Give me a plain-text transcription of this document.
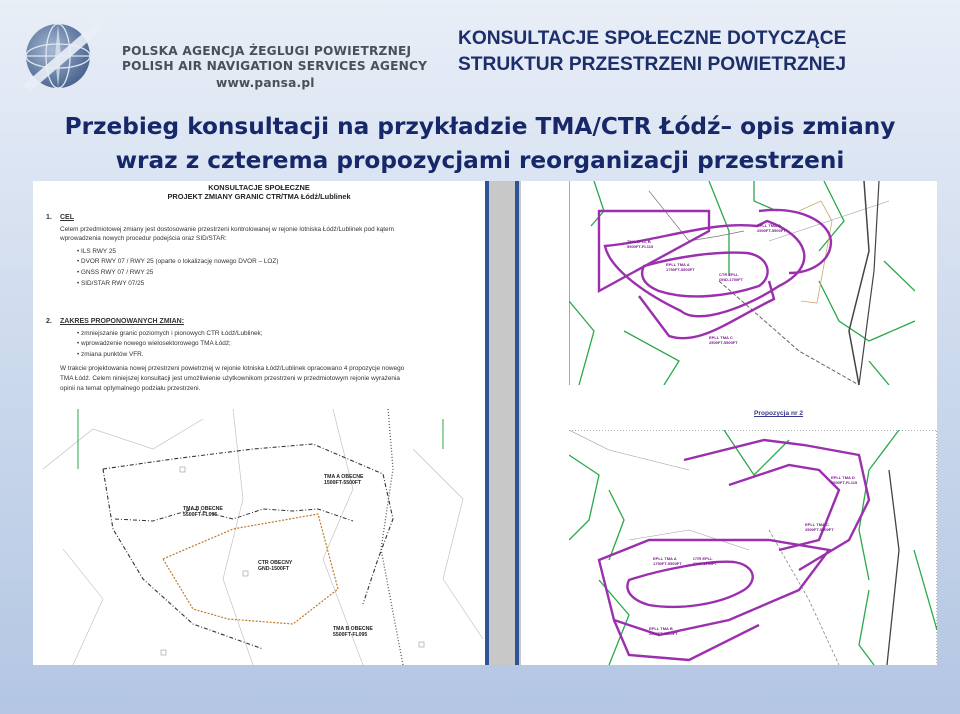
POLSKA AGENCJA ŻEGLUGI POWIETRZNEJ
POLISH AIR NAVIGATION SERVICES AGENCY
www.pansa.pl
KONSULTACJE SPOŁECZNE DOTYCZĄCE
STRUKTUR PRZESTRZENI POWIETRZNEJ
Przebieg konsultacji na przykładzie TMA/CTR Łódź– opis zmiany
wraz z czterema propozycjami reorganizacji przestrzeni
KONSULTACJE SPOŁECZNE
PROJEKT ZMIANY GRANIC CTR/TMA Łódź/Lublinek
1. CEL
Celem przedmiotowej zmiany jest dostosowanie przestrzeni kontrolowanej w rejonie lotniska Łódź/Lublinek pod kątem
wprowadzenia nowych procedur podejścia oraz SID/STAR:
• ILS RWY 25
• DVOR RWY 07 / RWY 25 (oparte o lokalizację nowego DVOR – LOZ)
• GNSS RWY 07 / RWY 25
• SID/STAR RWY 07/25
2. ZAKRES PROPONOWANYCH ZMIAN:
• zmniejszanie granic poziomych i pionowych CTR Łódź/Lublinek;
• wprowadzenie nowego wielosektorowego TMA Łódź;
• zmiana punktów VFR.
W trakcie projektowania nowej przestrzeni powietrznej w rejonie lotniska Łódź/Lublinek opracowano 4 propozycje nowego
TMA Łódź. Celem niniejszej konsultacji jest umożliwienie użytkownikom przestrzeni w przedmiotowym rejonie wyrażenia
opinii na temat optymalnego podziału przestrzeni.
TMA A OBECNE
1500FT-5500FT
TMA B OBECNE
5500FT-FL095
CTR OBECNY
GND-1500FT
TMA B OBECNE
5500FT-FL095
TMA EPLL B
5500FT-FL115
EPLL TMA A
1750FT-5500FT
CTR EPLL
GND-1750FT
EPLL TMA C
2500FT-5500FT
EPLL TMA D
2500FT-5500FT
Propozycja nr 2
EPLL TMA D
5500FT-FL115
EPLL TMA C
2500FT-5500FT
EPLL TMA A
1750FT-5500FT
CTR EPLL
GND-1750FT
EPLL TMA B
2500FT-5500FT
